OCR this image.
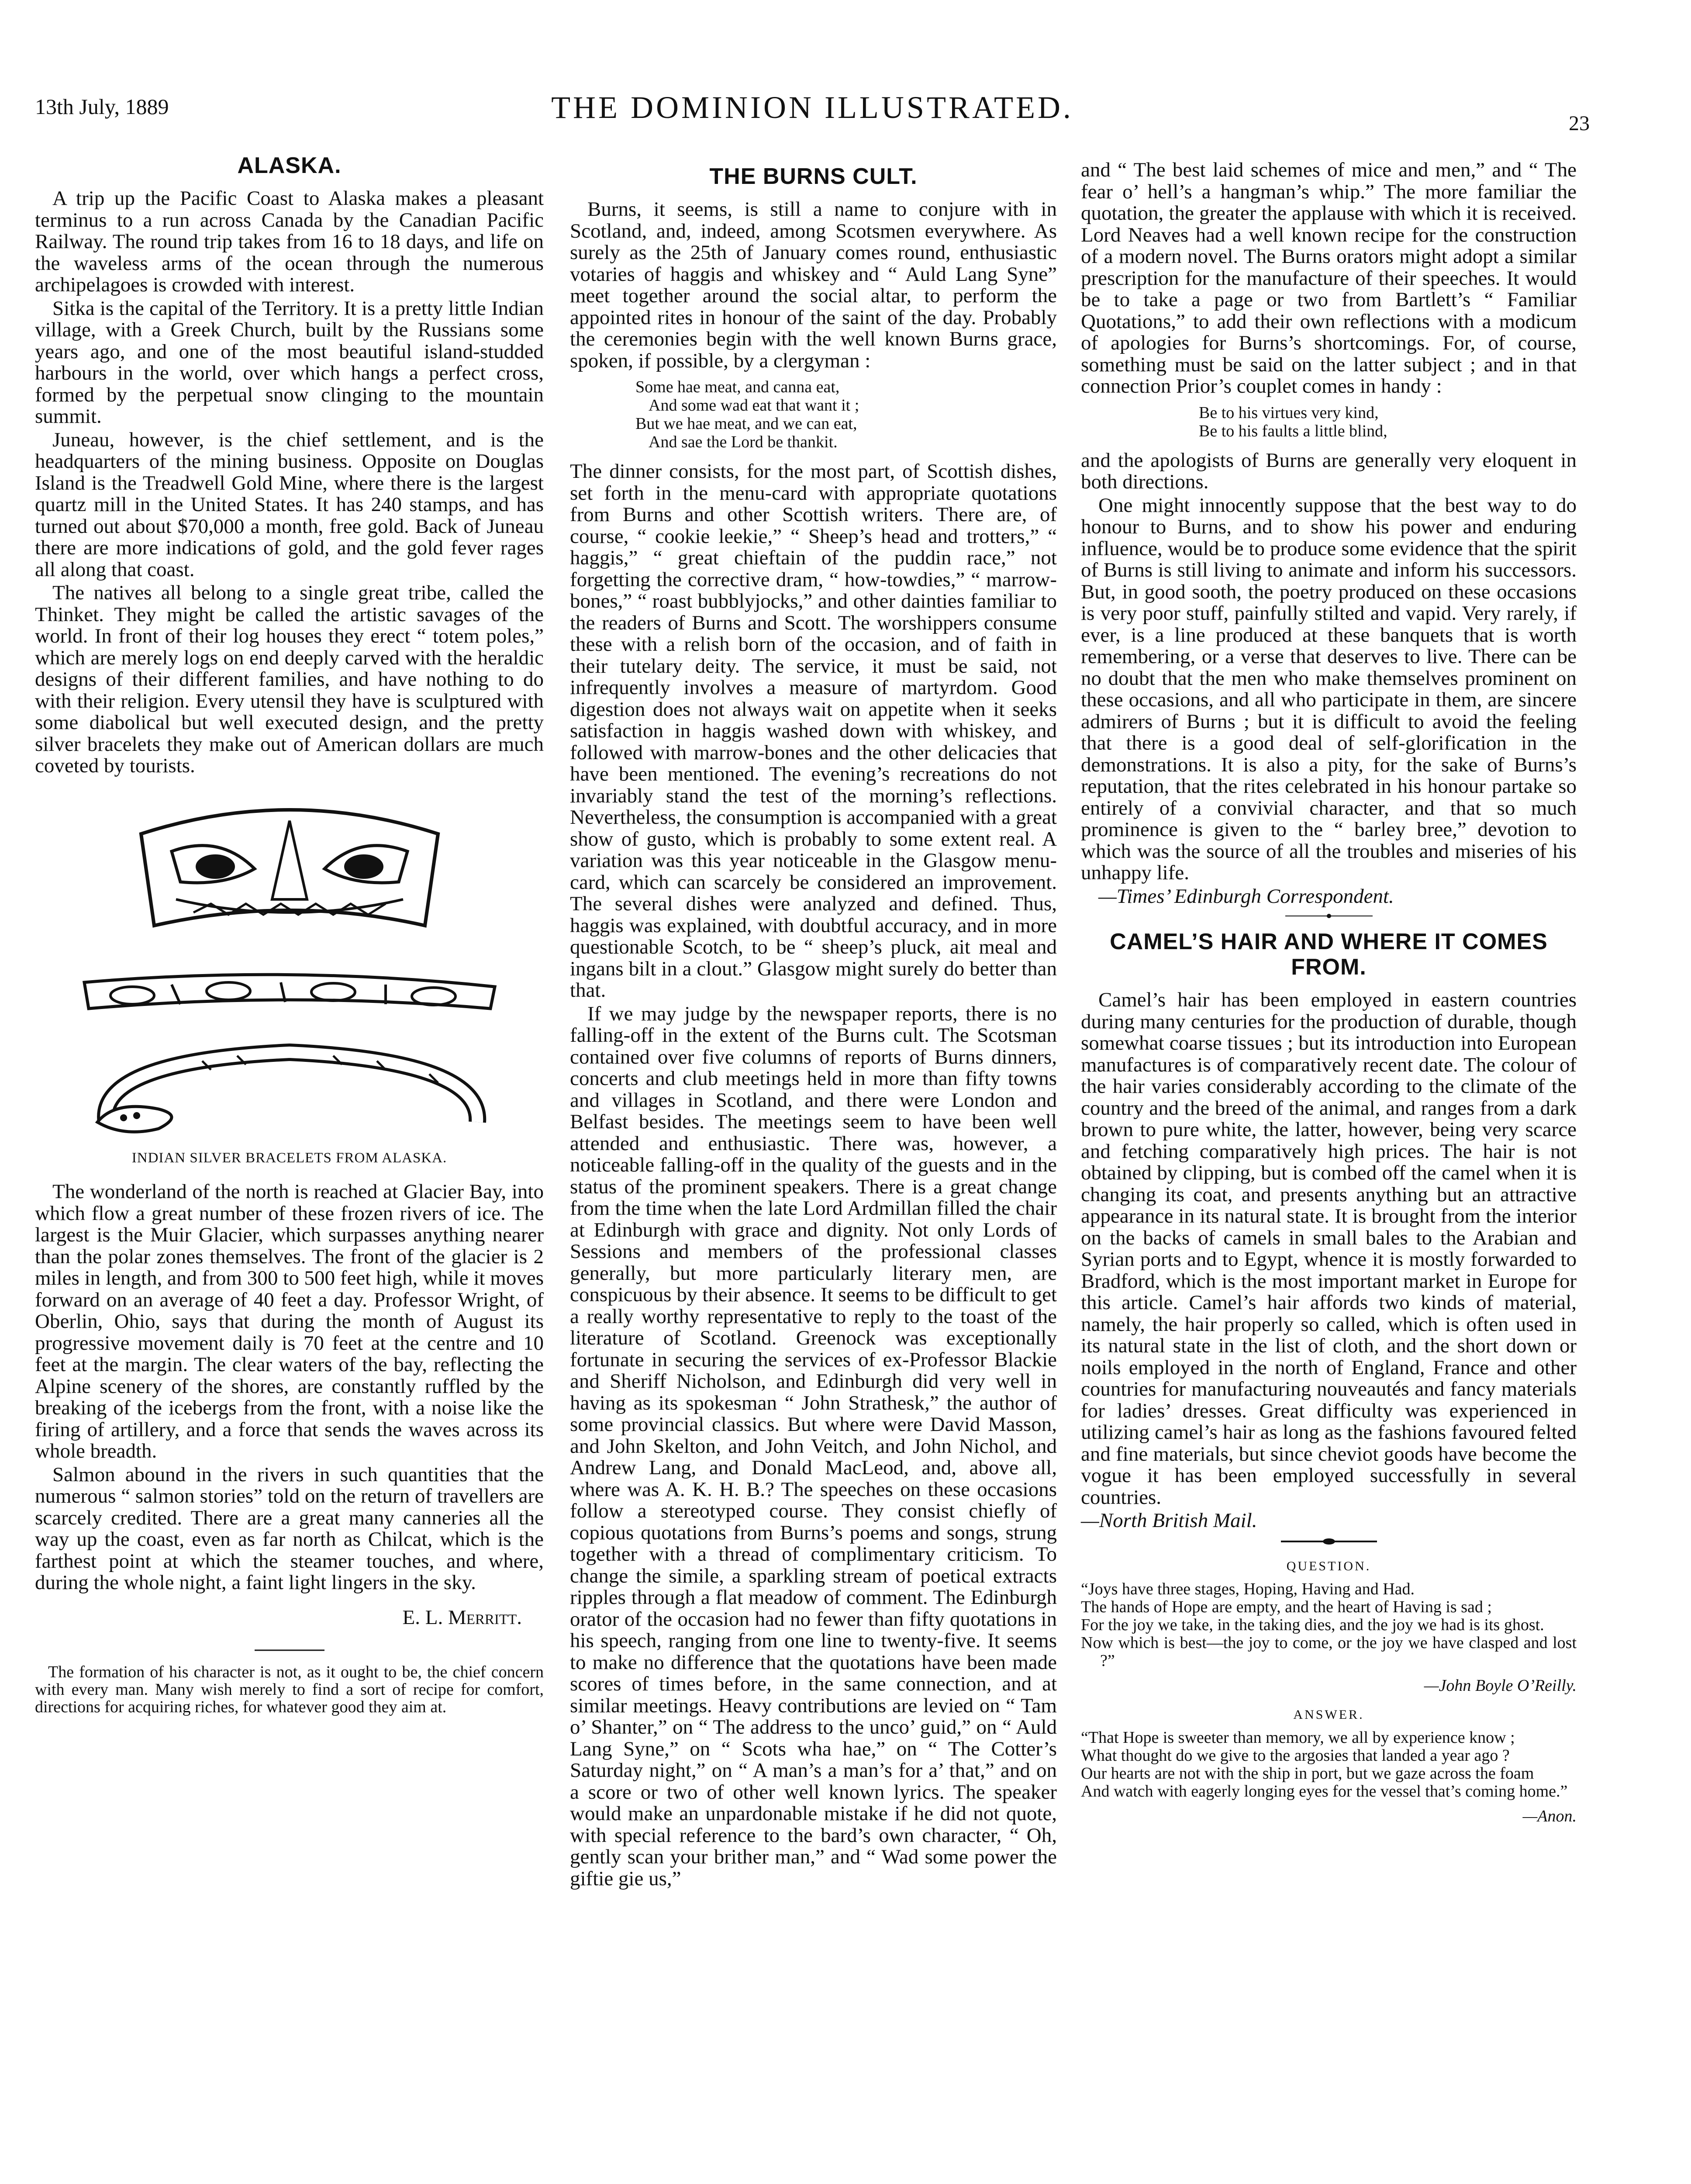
13th July, 1889	THE DOMINION ILLUSTRATED.	23
ALASKA.

A trip up the Pacific Coast to Alaska makes a pleasant terminus to a run across Canada by the Canadian Pacific Railway. The round trip takes from 16 to 18 days, and life on the waveless arms of the ocean through the numerous archipelagoes is crowded with interest.

Sitka is the capital of the Territory. It is a pretty little Indian village, with a Greek Church, built by the Russians some years ago, and one of the most beautiful island-studded harbours in the world, over which hangs a perfect cross, formed by the perpetual snow clinging to the mountain summit.

Juneau, however, is the chief settlement, and is the headquarters of the mining business. Opposite on Douglas Island is the Treadwell Gold Mine, where there is the largest quartz mill in the United States. It has 240 stamps, and has turned out about $70,000 a month, free gold. Back of Juneau there are more indications of gold, and the gold fever rages all along that coast.

The natives all belong to a single great tribe, called the Thinket. They might be called the artistic savages of the world. In front of their log houses they erect “ totem poles,” which are merely logs on end deeply carved with the heraldic designs of their different families, and have nothing to do with their religion. Every utensil they have is sculptured with some diabolical but well executed design, and the pretty silver bracelets they make out of American dollars are much coveted by tourists.

INDIAN SILVER BRACELETS FROM ALASKA.

The wonderland of the north is reached at Glacier Bay, into which flow a great number of these frozen rivers of ice. The largest is the Muir Glacier, which surpasses anything nearer than the polar zones themselves. The front of the glacier is 2 miles in length, and from 300 to 500 feet high, while it moves forward on an average of 40 feet a day. Professor Wright, of Oberlin, Ohio, says that during the month of August its progressive movement daily is 70 feet at the centre and 10 feet at the margin. The clear waters of the bay, reflecting the Alpine scenery of the shores, are constantly ruffled by the breaking of the icebergs from the front, with a noise like the firing of artillery, and a force that sends the waves across its whole breadth.

Salmon abound in the rivers in such quantities that the numerous “ salmon stories” told on the return of travellers are scarcely credited. There are a great many canneries all the way up the coast, even as far north as Chilcat, which is the farthest point at which the steamer touches, and where, during the whole night, a faint light lingers in the sky.

E. L. Merritt.
The formation of his character is not, as it ought to be, the chief concern with every man. Many wish merely to find a sort of recipe for comfort, directions for acquiring riches, for whatever good they aim at.
THE BURNS CULT.

Burns, it seems, is still a name to conjure with in Scotland, and, indeed, among Scotsmen everywhere. As surely as the 25th of January comes round, enthusiastic votaries of haggis and whiskey and “ Auld Lang Syne” meet together around the social altar, to perform the appointed rites in honour of the saint of the day. Probably the ceremonies begin with the well known Burns grace, spoken, if possible, by a clergyman :

Some hae meat, and canna eat,
And some wad eat that want it ;
But we hae meat, and we can eat,
And sae the Lord be thankit.

The dinner consists, for the most part, of Scottish dishes, set forth in the menu-card with appropriate quotations from Burns and other Scottish writers. There are, of course, “ cookie leekie,” “ Sheep’s head and trotters,” “ haggis,” “ great chieftain of the puddin race,” not forgetting the corrective dram, “ how-towdies,” “ marrow-bones,” “ roast bubblyjocks,” and other dainties familiar to the readers of Burns and Scott. The worshippers consume these with a relish born of the occasion, and of faith in their tutelary deity. The service, it must be said, not infrequently involves a measure of martyrdom. Good digestion does not always wait on appetite when it seeks satisfaction in haggis washed down with whiskey, and followed with marrow-bones and the other delicacies that have been mentioned. The evening’s recreations do not invariably stand the test of the morning’s reflections. Nevertheless, the consumption is accompanied with a great show of gusto, which is probably to some extent real. A variation was this year noticeable in the Glasgow menu-card, which can scarcely be considered an improvement. The several dishes were analyzed and defined. Thus, haggis was explained, with doubtful accuracy, and in more questionable Scotch, to be “ sheep’s pluck, ait meal and ingans bilt in a clout.” Glasgow might surely do better than that.

If we may judge by the newspaper reports, there is no falling-off in the extent of the Burns cult. The Scotsman contained over five columns of reports of Burns dinners, concerts and club meetings held in more than fifty towns and villages in Scotland, and there were London and Belfast besides. The meetings seem to have been well attended and enthusiastic. There was, however, a noticeable falling-off in the quality of the guests and in the status of the prominent speakers. There is a great change from the time when the late Lord Ardmillan filled the chair at Edinburgh with grace and dignity. Not only Lords of Sessions and members of the professional classes generally, but more particularly literary men, are conspicuous by their absence. It seems to be difficult to get a really worthy representative to reply to the toast of the literature of Scotland. Greenock was exceptionally fortunate in securing the services of ex-Professor Blackie and Sheriff Nicholson, and Edinburgh did very well in having as its spokesman “ John Strathesk,” the author of some provincial classics. But where were David Masson, and John Skelton, and John Veitch, and John Nichol, and Andrew Lang, and Donald MacLeod, and, above all, where was A. K. H. B.? The speeches on these occasions follow a stereotyped course. They consist chiefly of copious quotations from Burns’s poems and songs, strung together with a thread of complimentary criticism. To change the simile, a sparkling stream of poetical extracts ripples through a flat meadow of comment. The Edinburgh orator of the occasion had no fewer than fifty quotations in his speech, ranging from one line to twenty-five. It seems to make no difference that the quotations have been made scores of times before, in the same connection, and at similar meetings. Heavy contributions are levied on “ Tam o’ Shanter,” on “ The address to the unco’ guid,” on “ Auld Lang Syne,” on “ Scots wha hae,” on “ The Cotter’s Saturday night,” on “ A man’s a man’s for a’ that,” and on a score or two of other well known lyrics. The speaker would make an unpardonable mistake if he did not quote, with special reference to the bard’s own character, “ Oh, gently scan your brither man,” and “ Wad some power the giftie gie us,”

and “ The best laid schemes of mice and men,” and “ The fear o’ hell’s a hangman’s whip.” The more familiar the quotation, the greater the applause with which it is received. Lord Neaves had a well known recipe for the construction of a modern novel. The Burns orators might adopt a similar prescription for the manufacture of their speeches. It would be to take a page or two from Bartlett’s “ Familiar Quotations,” to add their own reflections with a modicum of apologies for Burns’s shortcomings. For, of course, something must be said on the latter subject ; and in that connection Prior’s couplet comes in handy :

Be to his virtues very kind,
Be to his faults a little blind,

and the apologists of Burns are generally very eloquent in both directions.

One might innocently suppose that the best way to do honour to Burns, and to show his power and enduring influence, would be to produce some evidence that the spirit of Burns is still living to animate and inform his successors. But, in good sooth, the poetry produced on these occasions is very poor stuff, painfully stilted and vapid. Very rarely, if ever, is a line produced at these banquets that is worth remembering, or a verse that deserves to live. There can be no doubt that the men who make themselves prominent on these occasions, and all who participate in them, are sincere admirers of Burns ; but it is difficult to avoid the feeling that there is a good deal of self-glorification in the demonstrations. It is also a pity, for the sake of Burns’s reputation, that the rites celebrated in his honour partake so entirely of a convivial character, and that so much prominence is given to the “ barley bree,” devotion to which was the source of all the troubles and miseries of his unhappy life.

—Times’ Edinburgh Correspondent.

CAMEL’S HAIR AND WHERE IT COMES FROM.

Camel’s hair has been employed in eastern countries during many centuries for the production of durable, though somewhat coarse tissues ; but its introduction into European manufactures is of comparatively recent date. The colour of the hair varies considerably according to the climate of the country and the breed of the animal, and ranges from a dark brown to pure white, the latter, however, being very scarce and fetching comparatively high prices. The hair is not obtained by clipping, but is combed off the camel when it is changing its coat, and presents anything but an attractive appearance in its natural state. It is brought from the interior on the backs of camels in small bales to the Arabian and Syrian ports and to Egypt, whence it is mostly forwarded to Bradford, which is the most important market in Europe for this article. Camel’s hair affords two kinds of material, namely, the hair properly so called, which is often used in its natural state in the list of cloth, and the short down or noils employed in the north of England, France and other countries for manufacturing nouveautés and fancy materials for ladies’ dresses. Great difficulty was experienced in utilizing camel’s hair as long as the fashions favoured felted and fine materials, but since cheviot goods have become the vogue it has been employed successfully in several countries.

—North British Mail.

QUESTION.
“Joys have three stages, Hoping, Having and Had.
The hands of Hope are empty, and the heart of Having is sad ;
For the joy we take, in the taking dies, and the joy we had is its ghost.
Now which is best—the joy to come, or the joy we have clasped and lost ?”
—John Boyle O’Reilly.
ANSWER.
“That Hope is sweeter than memory, we all by experience know ;
What thought do we give to the argosies that landed a year ago ?
Our hearts are not with the ship in port, but we gaze across the foam
And watch with eagerly longing eyes for the vessel that’s coming home.”
—Anon.
